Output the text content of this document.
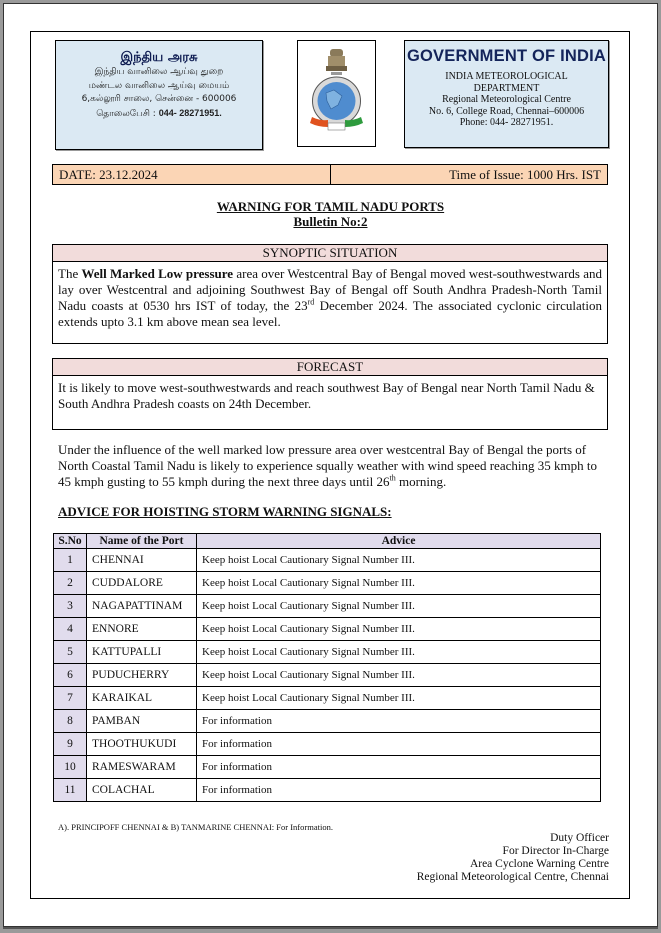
இந்திய அரசு
இந்திய வானிலை ஆய்வு துறை
மண்டல வானிலை ஆய்வு மையம்
6,கல்லூரி சாலை, சென்னை - 600006
தொலைபேசி : 044- 28271951.
GOVERNMENT OF INDIA
INDIA METEOROLOGICAL
DEPARTMENT
Regional Meteorological Centre
No. 6, College Road, Chennai–600006
Phone: 044- 28271951.
DATE: 23.12.2024	Time of Issue: 1000 Hrs. IST
WARNING FOR TAMIL NADU PORTS
Bulletin No:2
SYNOPTIC SITUATION
The Well Marked Low pressure area over Westcentral Bay of Bengal moved west-southwestwards and lay over Westcentral and adjoining Southwest Bay of Bengal off South Andhra Pradesh-North Tamil Nadu coasts at 0530 hrs IST of today, the 23rd December 2024. The associated cyclonic circulation extends upto 3.1 km above mean sea level.
FORECAST
It is likely to move west-southwestwards and reach southwest Bay of Bengal near North Tamil Nadu & South Andhra Pradesh coasts on 24th December.
Under the influence of the well marked low pressure area over westcentral Bay of Bengal the ports of North Coastal Tamil Nadu is likely to experience squally weather with wind speed reaching 35 kmph to 45 kmph gusting to 55 kmph during the next three days until 26th morning.
ADVICE FOR HOISTING STORM WARNING SIGNALS:
S.No	Name of the Port	Advice
1	CHENNAI	Keep hoist Local Cautionary Signal Number III.
2	CUDDALORE	Keep hoist Local Cautionary Signal Number III.
3	NAGAPATTINAM	Keep hoist Local Cautionary Signal Number III.
4	ENNORE	Keep hoist Local Cautionary Signal Number III.
5	KATTUPALLI	Keep hoist Local Cautionary Signal Number III.
6	PUDUCHERRY	Keep hoist Local Cautionary Signal Number III.
7	KARAIKAL	Keep hoist Local Cautionary Signal Number III.
8	PAMBAN	For information
9	THOOTHUKUDI	For information
10	RAMESWARAM	For information
11	COLACHAL	For information
A). PRINCIPOFF CHENNAI & B) TANMARINE CHENNAI: For Information.
Duty Officer
For Director In-Charge
Area Cyclone Warning Centre
Regional Meteorological Centre, Chennai
